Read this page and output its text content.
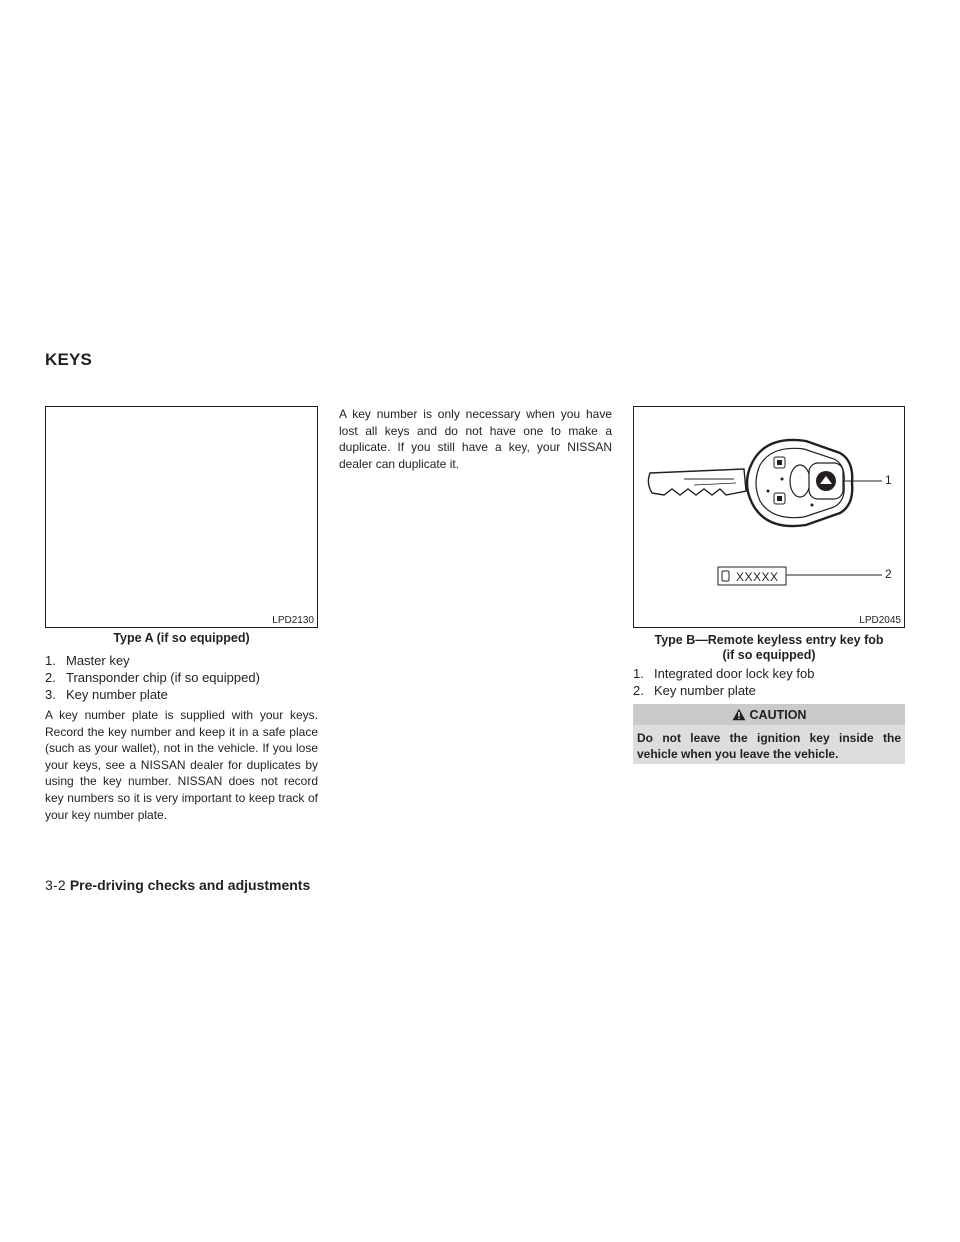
KEYS
LPD2130
Type A (if so equipped)
1. Master key
2. Transponder chip (if so equipped)
3. Key number plate

A key number plate is supplied with your keys. Record the key number and keep it in a safe place (such as your wallet), not in the vehicle. If you lose your keys, see a NISSAN dealer for duplicates by using the key number. NISSAN does not record key numbers so it is very important to keep track of your key number plate.

A key number is only necessary when you have lost all keys and do not have one to make a duplicate. If you still have a key, your NISSAN dealer can duplicate it.

XXXXX
1
2
LPD2045
Type B—Remote keyless entry key fob
(if so equipped)
1. Integrated door lock key fob
2. Key number plate
CAUTION
Do not leave the ignition key inside the vehicle when you leave the vehicle.
3-2 Pre-driving checks and adjustments
